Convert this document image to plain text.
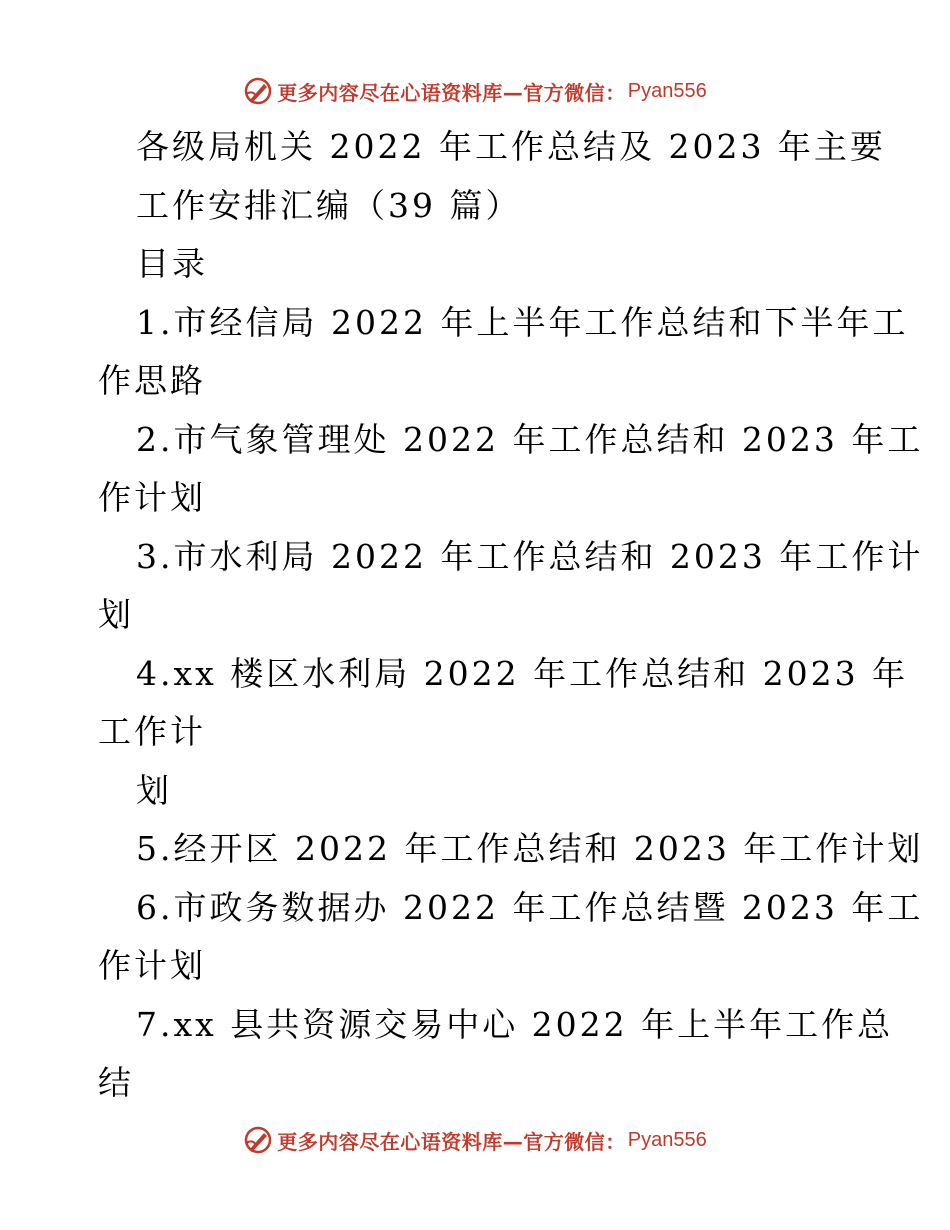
更多内容尽在心语资料库—官方微信： Pyan556
各级局机关 2022 年工作总结及 2023 年主要
工作安排汇编（39 篇）
目录
1.市经信局 2022 年上半年工作总结和下半年工
作思路
2.市气象管理处 2022 年工作总结和 2023 年工
作计划
3.市水利局 2022 年工作总结和 2023 年工作计
划
4.xx 楼区水利局 2022 年工作总结和 2023 年
工作计
划
5.经开区 2022 年工作总结和 2023 年工作计划
6.市政务数据办 2022 年工作总结暨 2023 年工
作计划
7.xx 县共资源交易中心 2022 年上半年工作总
结
更多内容尽在心语资料库—官方微信： Pyan556
